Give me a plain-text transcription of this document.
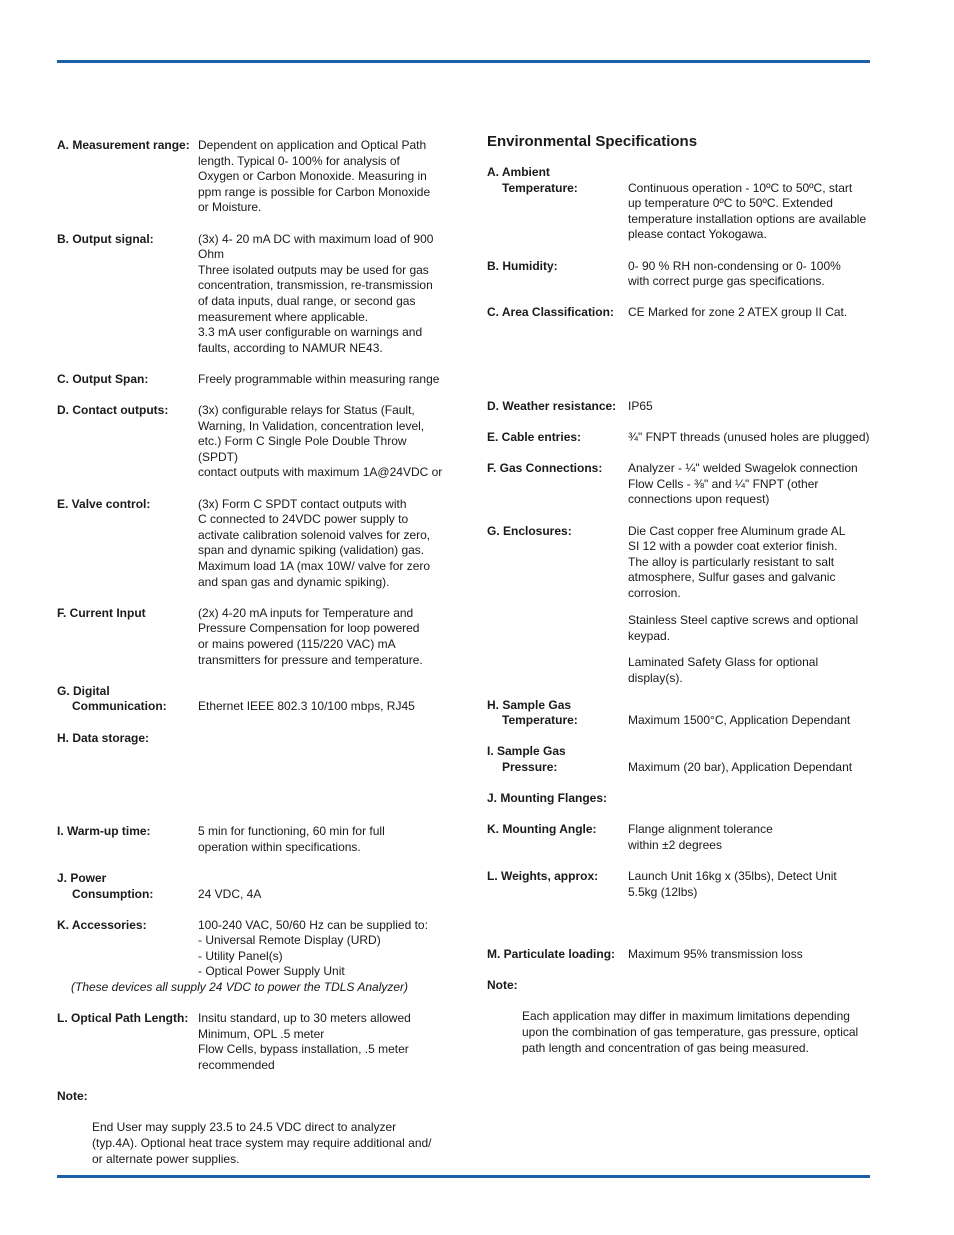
A. Measurement range: Dependent on application and Optical Path
length. Typical 0- 100% for analysis of
Oxygen or Carbon Monoxide. Measuring in
ppm range is possible for Carbon Monoxide
or Moisture.
B. Output signal:	(3x) 4- 20 mA DC with maximum load of 900
Ohm
Three isolated outputs may be used for gas
concentration, transmission, re-transmission
of data inputs, dual range, or second gas
measurement where applicable.
3.3 mA user configurable on warnings and
faults, according to NAMUR NE43.
C. Output Span:	Freely programmable within measuring range
D. Contact outputs: (3x) configurable relays for Status (Fault,
Warning, In Validation, concentration level,
etc.) Form C Single Pole Double Throw (SPDT)
contact outputs with maximum 1A@24VDC or

E. Valve control:	(3x) Form C SPDT contact outputs with
C connected to 24VDC power supply to
activate calibration solenoid valves for zero,
span and dynamic spiking (validation) gas.
Maximum load 1A (max 10W/ valve for zero
and span gas and dynamic spiking).
F. Current Input	(2x) 4-20 mA inputs for Temperature and
Pressure Compensation for loop powered
or mains powered (115/220 VAC) mA
transmitters for pressure and temperature.
G. Digital
Communication:	
Ethernet IEEE 802.3 10/100 mbps, RJ45
H. Data storage:

I. Warm-up time:	5 min for functioning, 60 min for full
operation within specifications.
J. Power
Consumption:	
24 VDC, 4A
K. Accessories:	100-240 VAC, 50/60 Hz can be supplied to:
- Universal Remote Display (URD)
- Utility Panel(s)
- Optical Power Supply Unit
(These devices all supply 24 VDC to power the TDLS Analyzer)
L. Optical Path Length: Insitu standard, up to 30 meters allowed
Minimum, OPL .5 meter
Flow Cells, bypass installation, .5 meter
recommended

Note:

End User may supply 23.5 to 24.5 VDC direct to analyzer
(typ.4A). Optional heat trace system may require additional and/
or alternate power supplies.

Environmental Specifications
A. Ambient
Temperature:	
Continuous operation - 10ºC to 50ºC, start
up temperature 0ºC to 50ºC. Extended
temperature installation options are available
please contact Yokogawa.
B. Humidity:	0- 90 % RH non-condensing or 0- 100%
with correct purge gas specifications.
C. Area Classification: CE Marked for zone 2 ATEX group II Cat.

D. Weather resistance: IP65
E. Cable entries:	¾" FNPT threads (unused holes are plugged)
F. Gas Connections: Analyzer - ¼" welded Swagelok connection
Flow Cells - ⅜" and ¼" FNPT (other
connections upon request)
G. Enclosures:	Die Cast copper free Aluminum grade AL
SI 12 with a powder coat exterior finish.
The alloy is particularly resistant to salt
atmosphere, Sulfur gases and galvanic
corrosion.
Stainless Steel captive screws and optional
keypad.
Laminated Safety Glass for optional
display(s).
H. Sample Gas
Temperature:	
Maximum 1500°C, Application Dependant
I. Sample Gas
Pressure:	
Maximum (20 bar), Application Dependant
J. Mounting Flanges:

K. Mounting Angle:	Flange alignment tolerance
within ±2 degrees
L. Weights, approx: Launch Unit 16kg x (35lbs), Detect Unit
5.5kg (12lbs)

M. Particulate loading: Maximum 95% transmission loss

Note:

Each application may differ in maximum limitations depending
upon the combination of gas temperature, gas pressure, optical
path length and concentration of gas being measured.
